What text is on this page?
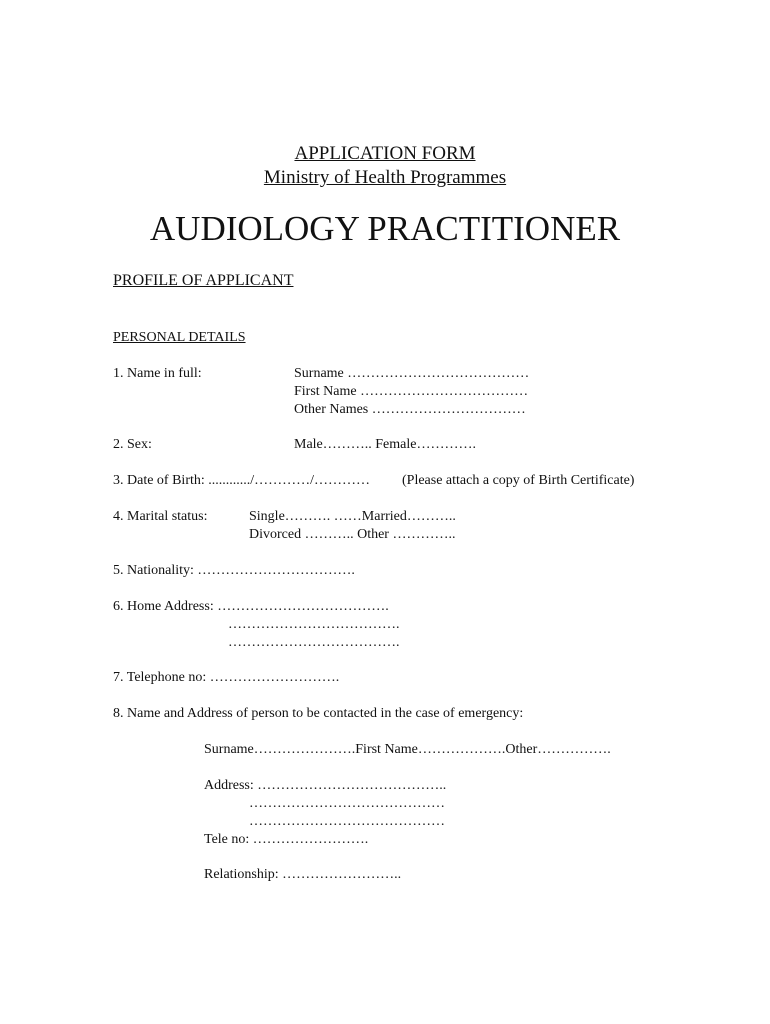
APPLICATION FORM
Ministry of Health Programmes
AUDIOLOGY PRACTITIONER
PROFILE OF APPLICANT
PERSONAL DETAILS
1. Name in full:	Surname …………………………………
First Name ………………………………
Other Names ……………………………
2. Sex:	Male……….. Female………….
3. Date of Birth: ............/…………/………… (Please attach a copy of Birth Certificate)
4. Marital status:	Single………. ……Married………..
Divorced ……….. Other …………..
5. Nationality: …………………………….
6. Home Address: ……………………………….
……………………………….
……………………………….
7. Telephone no: ……………………….
8. Name and Address of person to be contacted in the case of emergency:
Surname………………….First Name……………….Other…………….
Address: …………………………………..
……………………………………
……………………………………
Tele no: …………………….
Relationship: ……………………..
